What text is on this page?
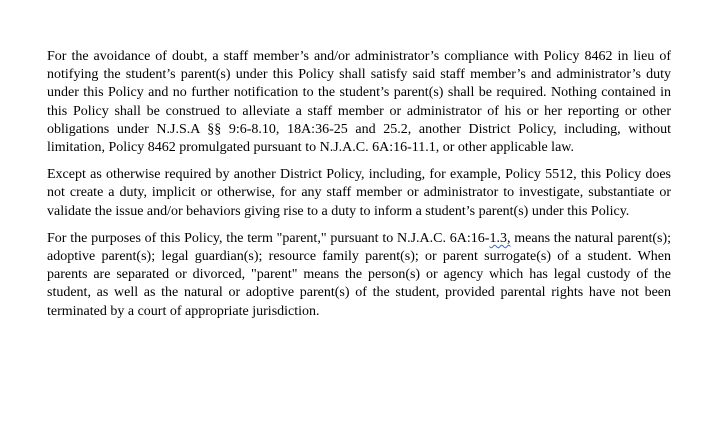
For the avoidance of doubt, a staff member’s and/or administrator’s compliance with Policy 8462 in lieu of notifying the student’s parent(s) under this Policy shall satisfy said staff member’s and administrator’s duty under this Policy and no further notification to the student’s parent(s) shall be required. Nothing contained in this Policy shall be construed to alleviate a staff member or administrator of his or her reporting or other obligations under N.J.S.A §§ 9:6-8.10, 18A:36-25 and 25.2, another District Policy, including, without limitation, Policy 8462 promulgated pursuant to N.J.A.C. 6A:16-11.1, or other applicable law.

Except as otherwise required by another District Policy, including, for example, Policy 5512, this Policy does not create a duty, implicit or otherwise, for any staff member or administrator to investigate, substantiate or validate the issue and/or behaviors giving rise to a duty to inform a student’s parent(s) under this Policy.

For the purposes of this Policy, the term "parent," pursuant to N.J.A.C. 6A:16-1.3, means the natural parent(s); adoptive parent(s); legal guardian(s); resource family parent(s); or parent surrogate(s) of a student. When parents are separated or divorced, "parent" means the person(s) or agency which has legal custody of the student, as well as the natural or adoptive parent(s) of the student, provided parental rights have not been terminated by a court of appropriate jurisdiction.
